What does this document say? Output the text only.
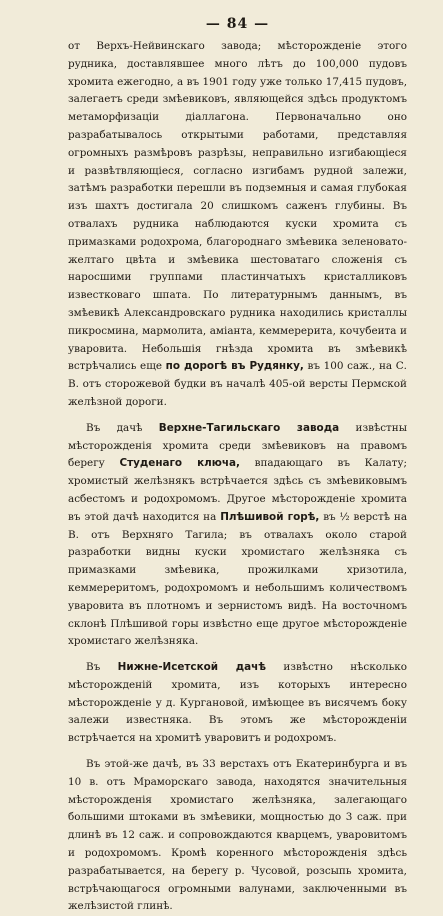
— 84 —

от Верхъ-Нейвинскаго завода; мѣсторожденіе этого рудника, доставлявшее много лѣтъ до 100,000 пудовъ хромита ежегодно, а въ 1901 году уже только 17,415 пудовъ, залегаетъ среди змѣевиковъ, являющейся здѣсь продуктомъ метаморфизаціи діаллагона. Первоначально оно разрабатывалось открытыми работами, представляя огромныхъ размѣровъ разрѣзы, неправильно изгибающіеся и развѣтвляющіеся, согласно изгибамъ рудной залежи, затѣмъ разработки перешли въ подземныя и самая глубокая изъ шахтъ достигала 20 слишкомъ саженъ глубины. Въ отвалахъ рудника наблюдаются куски хромита съ примазками родохрома, благороднаго змѣевика зеленовато-желтаго цвѣта и змѣевика шестоватаго сложенія съ наросшими группами пластинчатыхъ кристалликовъ известковаго шпата. По литературнымъ даннымъ, въ змѣевикѣ Александровскаго рудника находились кристаллы пикросмина, мармолита, аміанта, кеммерерита, кочубеита и уваровита. Небольшія гнѣзда хромита въ змѣевикѣ встрѣчались еще по дорогѣ въ Рудянку, въ 100 саж., на С. В. отъ сторожевой будки въ началѣ 405-ой версты Пермской желѣзной дороги.

Въ дачѣ Верхне-Тагильскаго завода извѣстны мѣсторожденія хромита среди змѣевиковъ на правомъ берегу Студенаго ключа, впадающаго въ Калату; хромистый желѣзнякъ встрѣчается здѣсь съ змѣевиковымъ асбестомъ и родохромомъ. Другое мѣсторожденіе хромита въ этой дачѣ находится на Плѣшивой горѣ, въ ½ верстѣ на В. отъ Верхняго Тагила; въ отвалахъ около старой разработки видны куски хромистаго желѣзняка съ примазками змѣевика, прожилками хризотила, кеммереритомъ, родохромомъ и небольшимъ количествомъ уваровита въ плотномъ и зернистомъ видѣ. На восточномъ склонѣ Плѣшивой горы извѣстно еще другое мѣсторожденіе хромистаго желѣзняка.

Въ Нижне-Исетской дачѣ извѣстно нѣсколько мѣсторожденій хромита, изъ которыхъ интересно мѣсторожденіе у д. Кургановой, имѣющее въ висячемъ боку залежи известняка. Въ этомъ же мѣсторожденіи встрѣчается на хромитѣ уваровитъ и родохромъ.

Въ этой-же дачѣ, въ 33 верстахъ отъ Екатеринбурга и въ 10 в. отъ Мраморскаго завода, находятся значительныя мѣсторожденія хромистаго желѣзняка, залегающаго большими штоками въ змѣевики, мощностью до 3 саж. при длинѣ въ 12 саж. и сопровождаются кварцемъ, уваровитомъ и родохромомъ. Кромѣ коренного мѣсторожденія здѣсь разрабатывается, на берегу р. Чусовой, розсыпь хромита, встрѣчающагося огромными валунами, заключенными въ желѣзистой глинѣ.
